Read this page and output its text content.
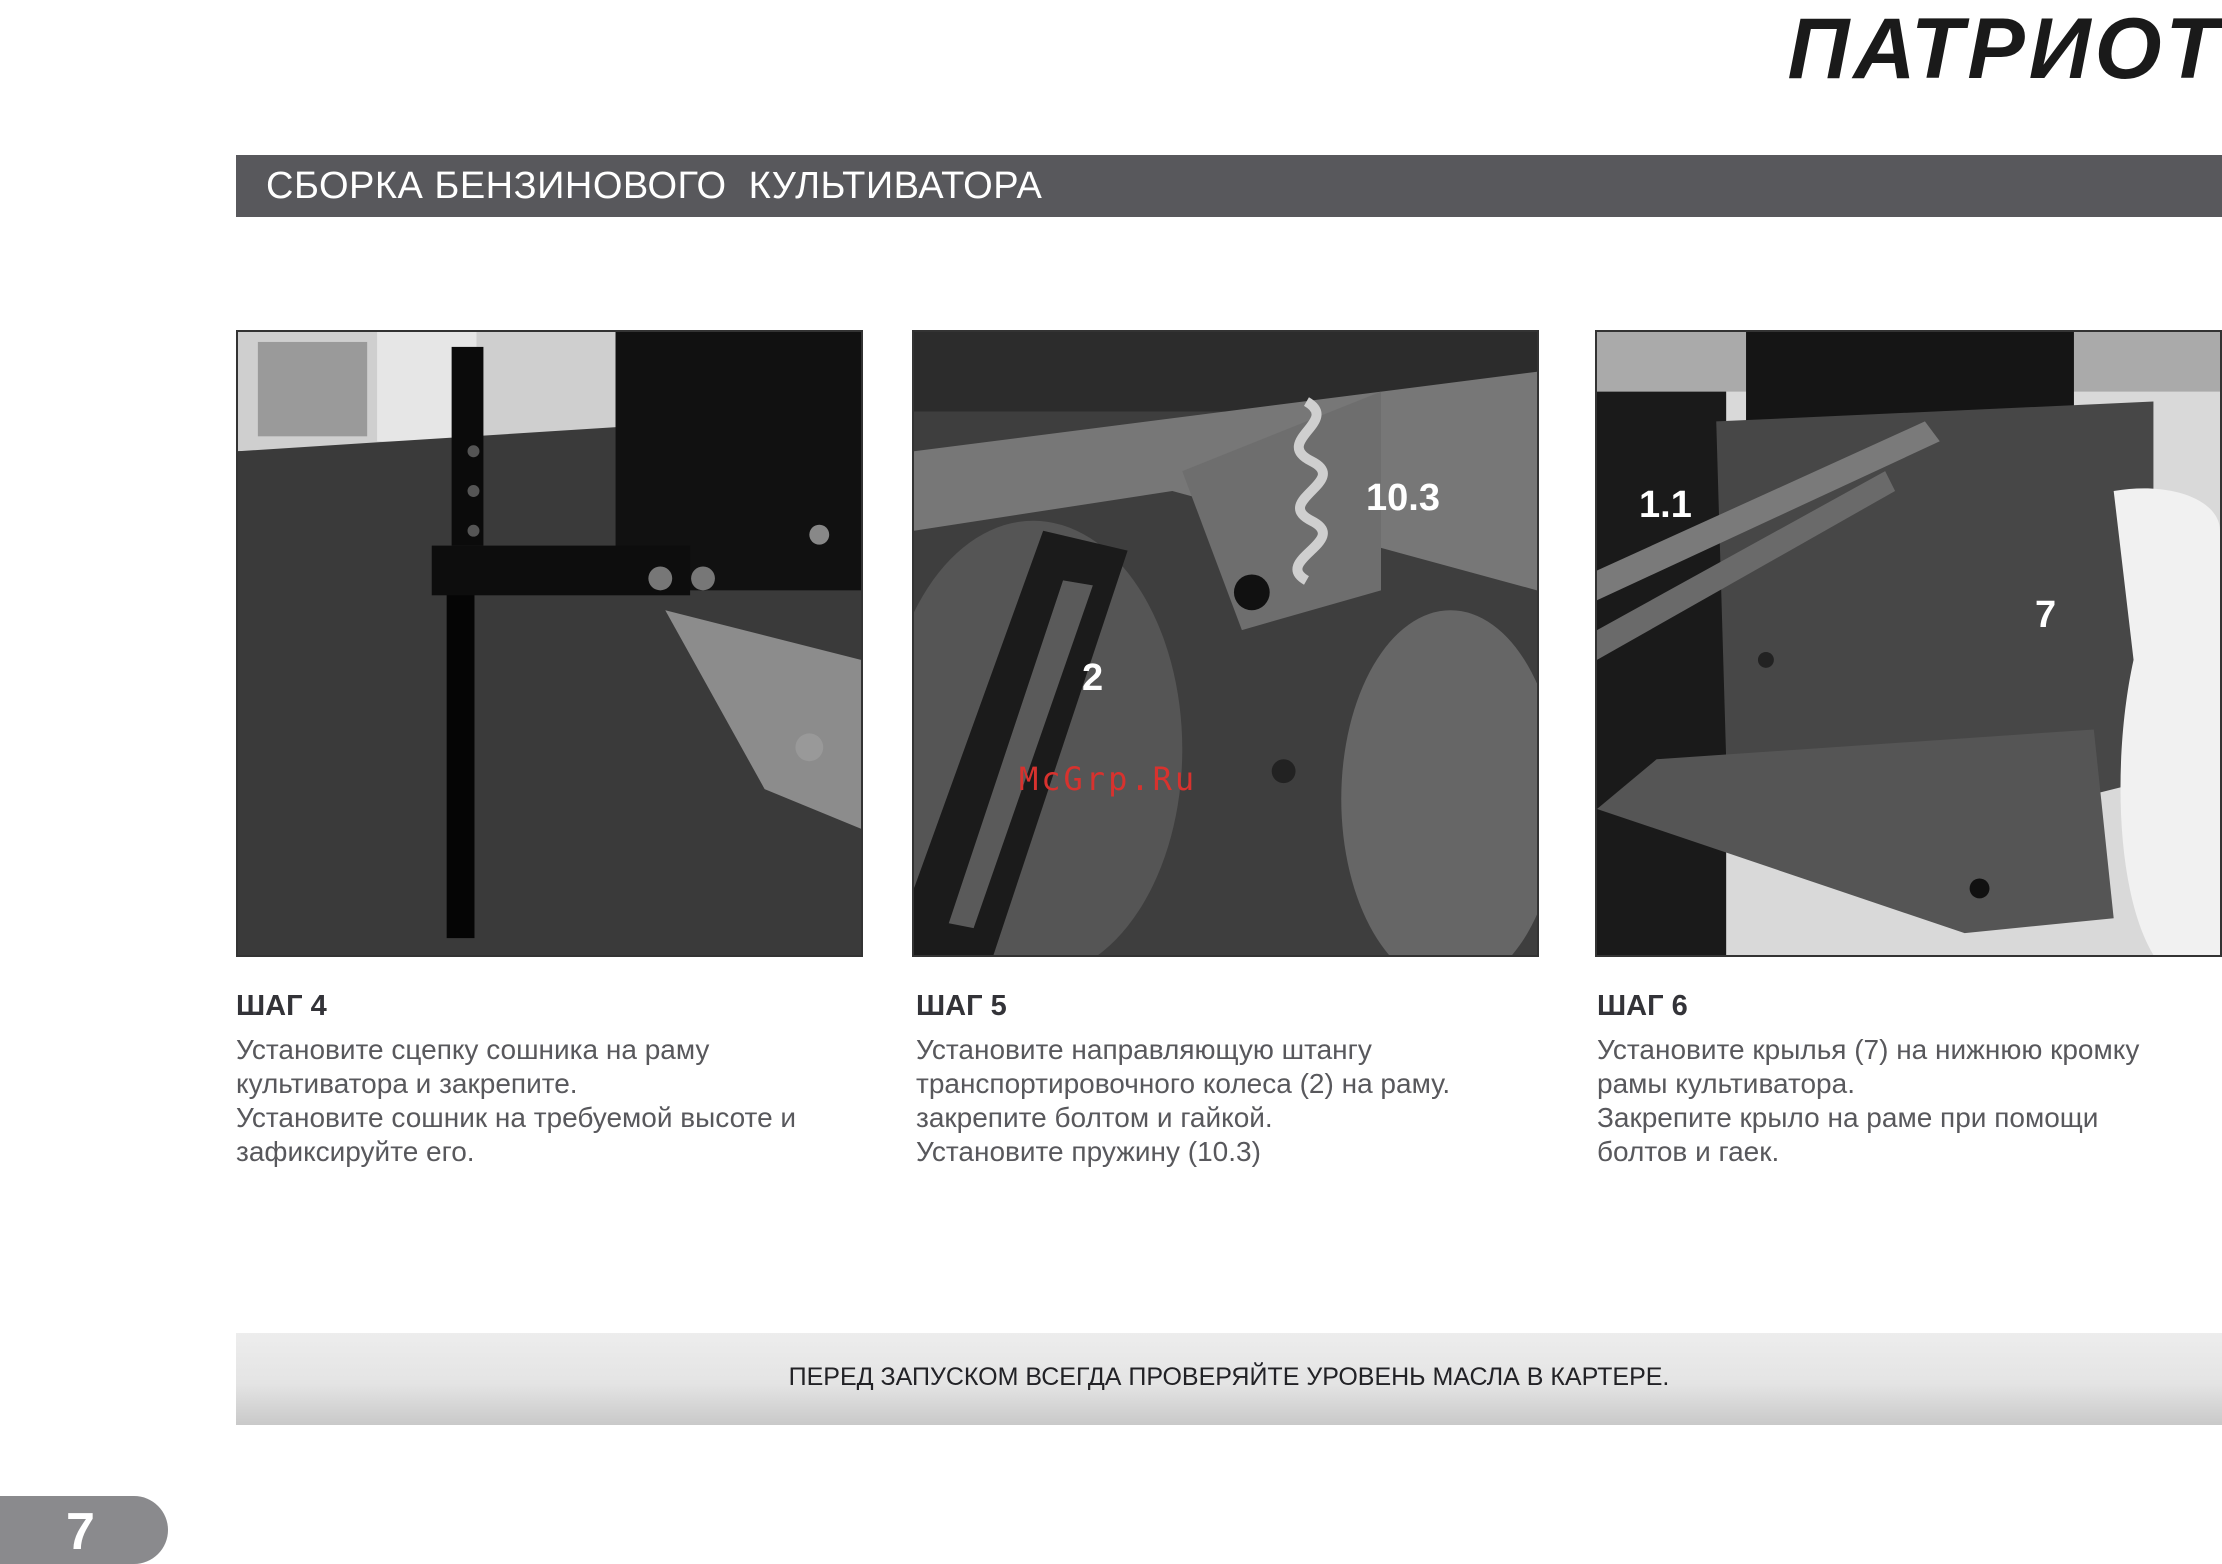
ПАТРИОТ
СБОРКА БЕНЗИНОВОГО  КУЛЬТИВАТОРА
10.3
2
McGrp.Ru
1.1
7
ШАГ 4
Установите сцепку сошника на раму
культиватора и закрепите.
Установите сошник на требуемой высоте и
зафиксируйте его.
ШАГ 5
Установите направляющую штангу
транспортировочного колеса (2) на раму.
закрепите болтом и гайкой.
Установите пружину (10.3)
ШАГ 6
Установите крылья (7) на нижнюю кромку
рамы культиватора.
Закрепите крыло на раме при помощи
болтов и гаек.
ПЕРЕД ЗАПУСКОМ ВСЕГДА ПРОВЕРЯЙТЕ УРОВЕНЬ МАСЛА В КАРТЕРЕ.
7
